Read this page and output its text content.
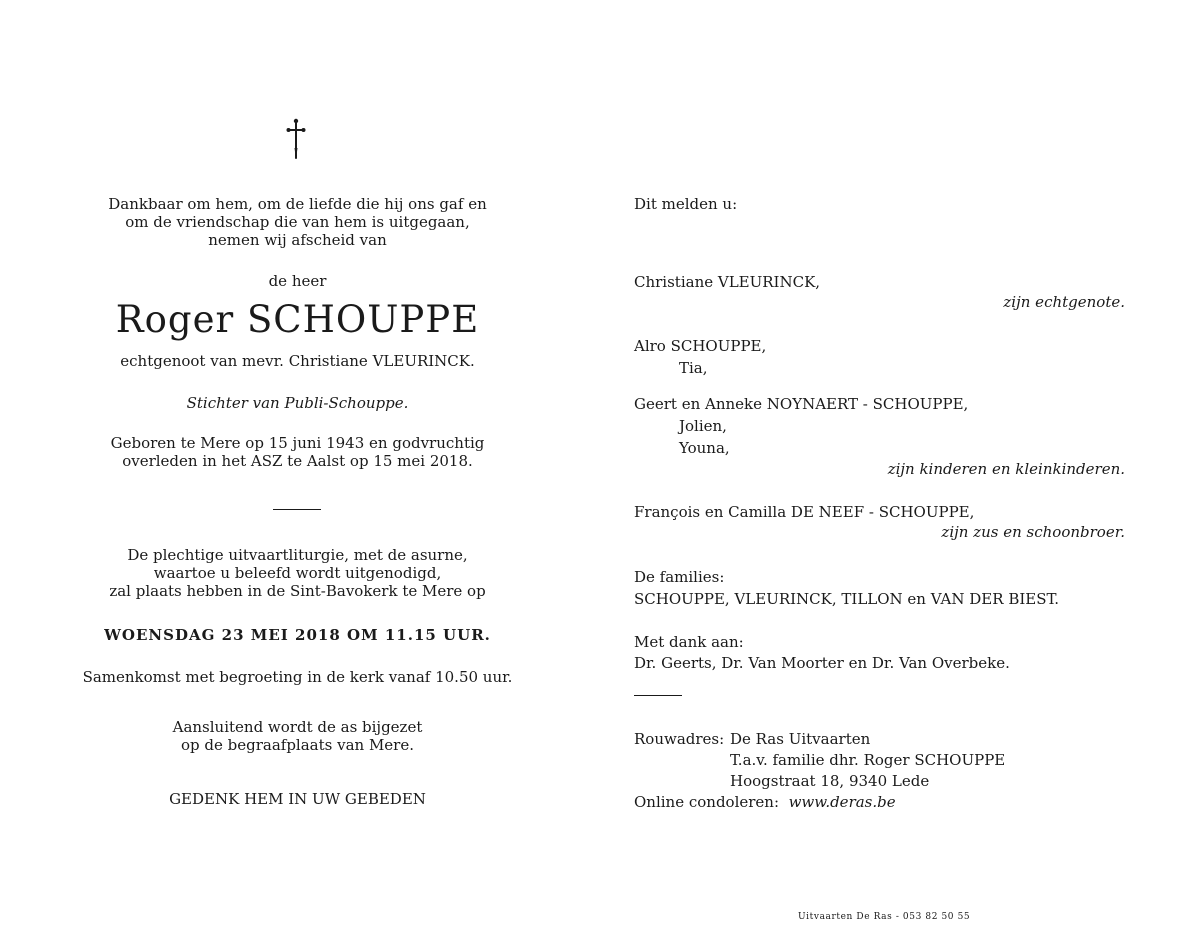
Dankbaar om hem, om de liefde die hij ons gaf en
om de vriendschap die van hem is uitgegaan,
nemen wij afscheid van
de heer
Roger SCHOUPPE
echtgenoot van mevr. Christiane VLEURINCK.
Stichter van Publi-Schouppe.
Geboren te Mere op 15 juni 1943 en godvruchtig
overleden in het ASZ te Aalst op 15 mei 2018.
De plechtige uitvaartliturgie, met de asurne,
waartoe u beleefd wordt uitgenodigd,
zal plaats hebben in de Sint-Bavokerk te Mere op
WOENSDAG 23 MEI 2018 OM 11.15 UUR.
Samenkomst met begroeting in de kerk vanaf 10.50 uur.
Aansluitend wordt de as bijgezet
op de begraafplaats van Mere.
GEDENK HEM IN UW GEBEDEN
Dit melden u:
Christiane VLEURINCK,
zijn echtgenote.
Alro SCHOUPPE,
Tia,
Geert en Anneke NOYNAERT - SCHOUPPE,
Jolien,
Youna,
zijn kinderen en kleinkinderen.
François en Camilla DE NEEF - SCHOUPPE,
zijn zus en schoonbroer.
De families:
SCHOUPPE, VLEURINCK, TILLON en VAN DER BIEST.
Met dank aan:
Dr. Geerts, Dr. Van Moorter en Dr. Van Overbeke.
Rouwadres: De Ras Uitvaarten
T.a.v. familie dhr. Roger SCHOUPPE
Hoogstraat 18, 9340 Lede
Online condoleren: www.deras.be
Uitvaarten De Ras - 053 82 50 55
